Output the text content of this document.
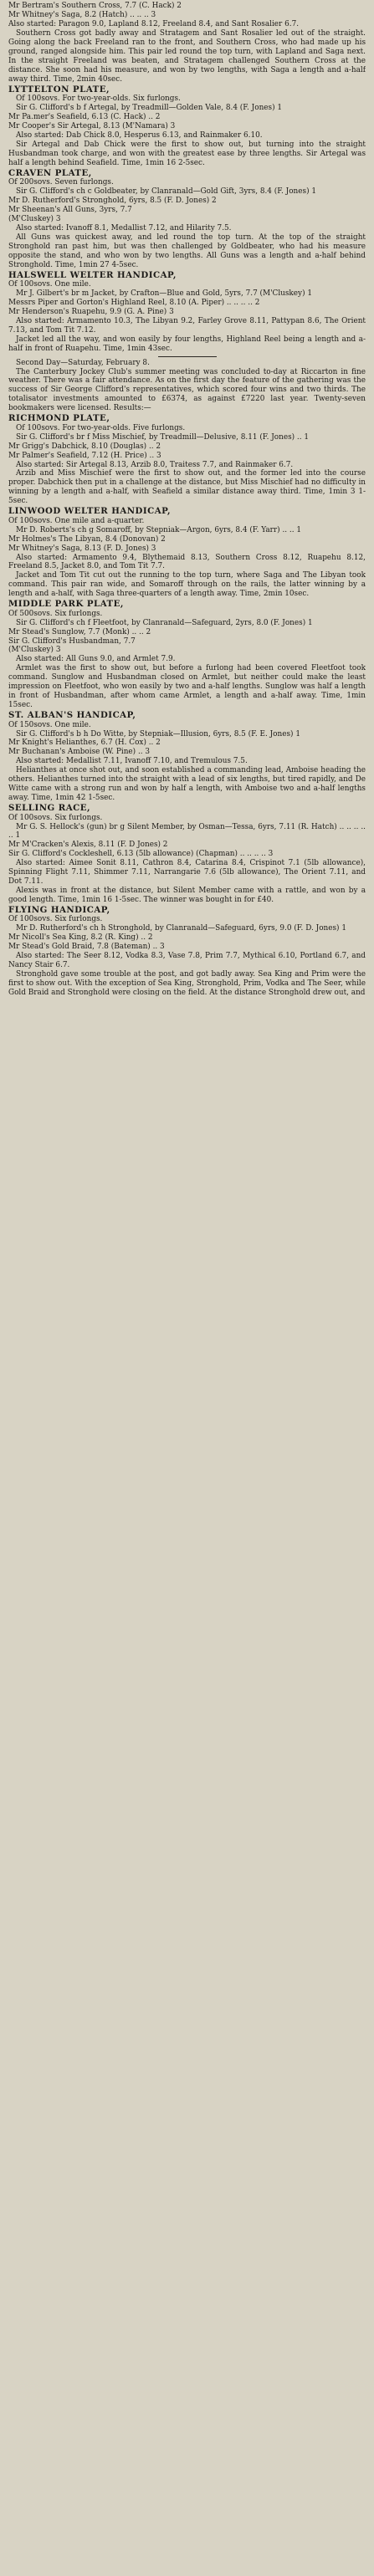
Mr Bertram's Southern Cross, 7.7 (C. Hack) 2

Mr Whitney's Saga, 8.2 (Hatch) .. .. .. 3

Also started: Paragon 9.0, Lapland 8.12, Freeland 8.4, and Sant Rosalier 6.7.

Southern Cross got badly away and Stratagem and Sant Rosalier led out of the straight. Going along the back Freeland ran to the front, and Southern Cross, who had made up his ground, ranged alongside him. This pair led round the top turn, with Lapland and Saga next. In the straight Freeland was beaten, and Stratagem challenged Southern Cross at the distance. She soon had his measure, and won by two lengths, with Saga a length and a-half away third. Time, 2min 40sec.

LYTTELTON PLATE,

Of 100sovs. For two-year-olds. Six furlongs.

Sir G. Clifford's b f Artegal, by Treadmill—Golden Vale, 8.4 (F. Jones) 1

Mr Pa.mer's Seafield, 6.13 (C. Hack) .. 2

Mr Cooper's Sir Artegal, 8.13 (M'Namara) 3

Also started: Dab Chick 8.0, Hesperus 6.13, and Rainmaker 6.10.

Sir Artegal and Dab Chick were the first to show out, but turning into the straight Husbandman took charge, and won with the greatest ease by three lengths. Sir Artegal was half a length behind Seafield. Time, 1min 16 2-5sec.

CRAVEN PLATE,

Of 200sovs. Seven furlongs.

Sir G. Clifford's ch c Goldbeater, by Clanranald—Gold Gift, 3yrs, 8.4 (F. Jones) 1

Mr D. Rutherford's Stronghold, 6yrs, 8.5 (F. D. Jones) 2

Mr Sheenan's All Guns, 3yrs, 7.7

(M'Cluskey) 3

Also started: Ivanoff 8.1, Medallist 7.12, and Hilarity 7.5.

All Guns was quickest away, and led round the top turn. At the top of the straight Stronghold ran past him, but was then challenged by Goldbeater, who had his measure opposite the stand, and who won by two lengths. All Guns was a length and a-half behind Stronghold. Time, 1min 27 4-5sec.

HALSWELL WELTER HANDICAP,

Of 100sovs. One mile.

Mr J. Gilbert's br m Jacket, by Crafton—Blue and Gold, 5yrs, 7.7 (M'Cluskey) 1

Messrs Piper and Gorton's Highland Reel, 8.10 (A. Piper) .. .. .. .. 2

Mr Henderson's Ruapehu, 9.9 (G. A. Pine) 3

Also started: Armamento 10.3, The Libyan 9.2, Farley Grove 8.11, Pattypan 8.6, The Orient 7.13, and Tom Tit 7.12.

Jacket led all the way, and won easily by four lengths, Highland Reel being a length and a-half in front of Ruapehu. Time, 1min 43sec.

Second Day—Saturday, February 8.

The Canterbury Jockey Club's summer meeting was concluded to-day at Riccarton in fine weather. There was a fair attendance. As on the first day the feature of the gathering was the success of Sir George Clifford's representatives, which scored four wins and two thirds. The totalisator investments amounted to £6374, as against £7220 last year. Twenty-seven bookmakers were licensed. Results:—

RICHMOND PLATE,

Of 100sovs. For two-year-olds. Five furlongs.

Sir G. Clifford's br f Miss Mischief, by Treadmill—Delusive, 8.11 (F. Jones) .. 1

Mr Grigg's Dabchick, 8.10 (Douglas) .. 2

Mr Palmer's Seafield, 7.12 (H. Price) .. 3

Also started: Sir Artegal 8.13, Arzib 8.0, Traitess 7.7, and Rainmaker 6.7.

Arzib and Miss Mischief were the first to show out, and the former led into the course proper. Dabchick then put in a challenge at the distance, but Miss Mischief had no difficulty in winning by a length and a-half, with Seafield a similar distance away third. Time, 1min 3 1-5sec.

LINWOOD WELTER HANDICAP,

Of 100sovs. One mile and a-quarter.

Mr D. Roberts's ch g Somaroff, by Stepniak—Argon, 6yrs, 8.4 (F. Yarr) .. .. 1

Mr Holmes's The Libyan, 8.4 (Donovan) 2

Mr Whitney's Saga, 8.13 (F. D. Jones) 3

Also started: Armamento 9.4, Blythemaid 8.13, Southern Cross 8.12, Ruapehu 8.12, Freeland 8.5, Jacket 8.0, and Tom Tit 7.7.

Jacket and Tom Tit cut out the running to the top turn, where Saga and The Libyan took command. This pair ran wide, and Somaroff through on the rails, the latter winning by a length and a-half, with Saga three-quarters of a length away. Time, 2min 10sec.

MIDDLE PARK PLATE,

Of 500sovs. Six furlongs.

Sir G. Clifford's ch f Fleetfoot, by Clanranald—Safeguard, 2yrs, 8.0 (F. Jones) 1

Mr Stead's Sunglow, 7.7 (Monk) .. .. 2

Sir G. Clifford's Husbandman, 7.7

(M'Cluskey) 3

Also started: All Guns 9.0, and Armlet 7.9.

Armlet was the first to show out, but before a furlong had been covered Fleetfoot took command. Sunglow and Husbandman closed on Armlet, but neither could make the least impression on Fleetfoot, who won easily by two and a-half lengths. Sunglow was half a length in front of Husbandman, after whom came Armlet, a length and a-half away. Time, 1min 15sec.

ST. ALBAN'S HANDICAP,

Of 150sovs. One mile.

Sir G. Clifford's b h Do Witte, by Stepniak—Illusion, 6yrs, 8.5 (F. E. Jones) 1

Mr Knight's Helianthes, 6.7 (H. Cox) .. 2

Mr Buchanan's Amboise (W. Pine) .. 3

Also started: Medallist 7.11, Ivanoff 7.10, and Tremulous 7.5.

Helianthes at once shot out, and soon established a commanding lead, Amboise heading the others. Helianthes turned into the straight with a lead of six lengths, but tired rapidly, and De Witte came with a strong run and won by half a length, with Amboise two and a-half lengths away. Time, 1min 42 1-5sec.

SELLING RACE,

Of 100sovs. Six furlongs.

Mr G. S. Hellock's (gun) br g Silent Member, by Osman—Tessa, 6yrs, 7.11 (R. Hatch) .. .. .. .. .. 1

Mr M'Cracken's Alexis, 8.11 (F. D Jones) 2

Sir G. Clifford's Cockleshell, 6.13 (5lb allowance) (Chapman) .. .. .. .. 3

Also started: Aimee Sonit 8.11, Cathron 8.4, Catarina 8.4, Crispinot 7.1 (5lb allowance), Spinning Flight 7.11, Shimmer 7.11, Narrangarie 7.6 (5lb allowance), The Orient 7.11, and Dot 7.11.

Alexis was in front at the distance, but Silent Member came with a rattle, and won by a good length. Time, 1min 16 1-5sec. The winner was bought in for £40.

FLYING HANDICAP,

Of 100sovs. Six furlongs.

Mr D. Rutherford's ch h Stronghold, by Clanranald—Safeguard, 6yrs, 9.0 (F. D. Jones) 1

Mr Nicoll's Sea King, 8.2 (R. King) .. 2

Mr Stead's Gold Braid, 7.8 (Bateman) .. 3

Also started: The Seer 8.12, Vodka 8.3, Vase 7.8, Prim 7.7, Mythical 6.10, Portland 6.7, and Nancy Stair 6.7.

Stronghold gave some trouble at the post, and got badly away. Sea King and Prim were the first to show out. With the exception of Sea King, Stronghold, Prim, Vodka and The Seer, while Gold Braid and Stronghold were closing on the field. At the distance Stronghold drew out, and
